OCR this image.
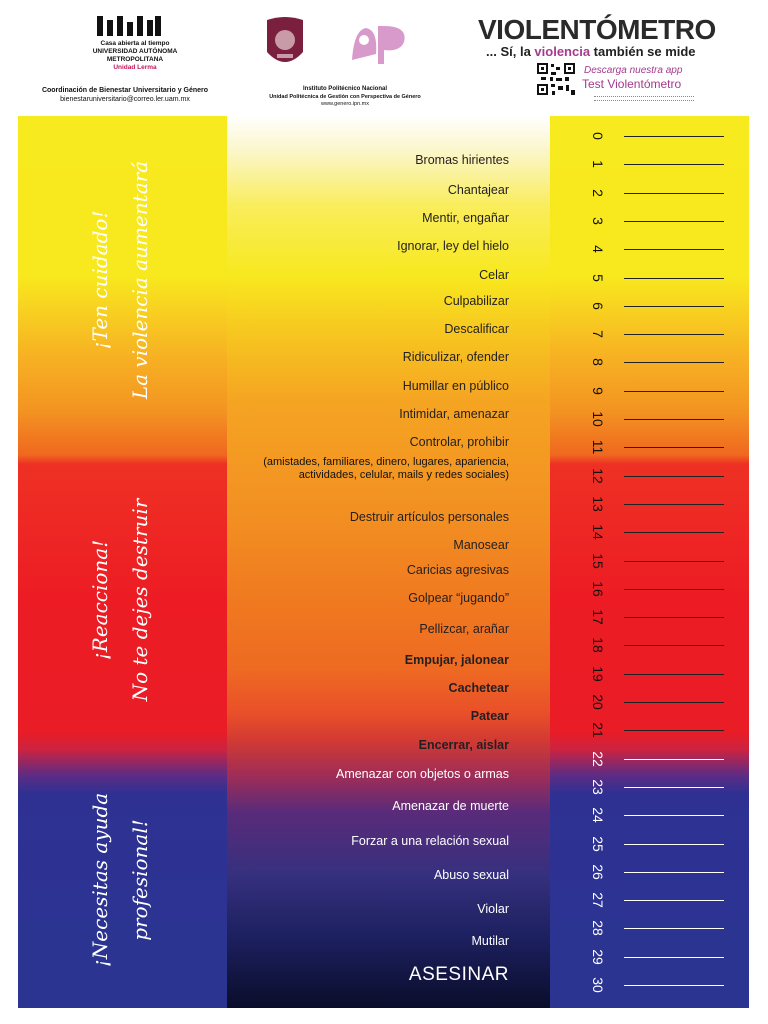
Casa abierta al tiempo
UNIVERSIDAD AUTÓNOMA
METROPOLITANA
Unidad Lerma
Coordinación de Bienestar Universitario y Género
bienestaruniversitario@correo.ler.uam.mx
Instituto Politécnico Nacional
Unidad Politécnica de Gestión con Perspectiva de Género
www.genero.ipn.mx
VIOLENTÓMETRO
... Sí, la violencia también se mide
Descarga nuestra app
Test Violentómetro
¡Ten cuidado! La violencia aumentará
¡Reacciona! No te dejes destruir
¡Necesitas ayuda profesional!
Bromas hirientes
Chantajear
Mentir, engañar
Ignorar, ley del hielo
Celar
Culpabilizar
Descalificar
Ridiculizar, ofender
Humillar en público
Intimidar, amenazar
Controlar, prohibir
(amistades, familiares, dinero, lugares, apariencia, actividades, celular, mails y redes sociales)
Destruir artículos personales
Manosear
Caricias agresivas
Golpear “jugando”
Pellizcar, arañar
Empujar, jalonear
Cachetear
Patear
Encerrar, aislar
Amenazar con objetos o armas
Amenazar de muerte
Forzar a una relación sexual
Abuso sexual
Violar
Mutilar
ASESINAR
0
1
2
3
4
5
6
7
8
9
10
11
12
13
14
15
16
17
18
19
20
21
22
23
24
25
26
27
28
29
30
